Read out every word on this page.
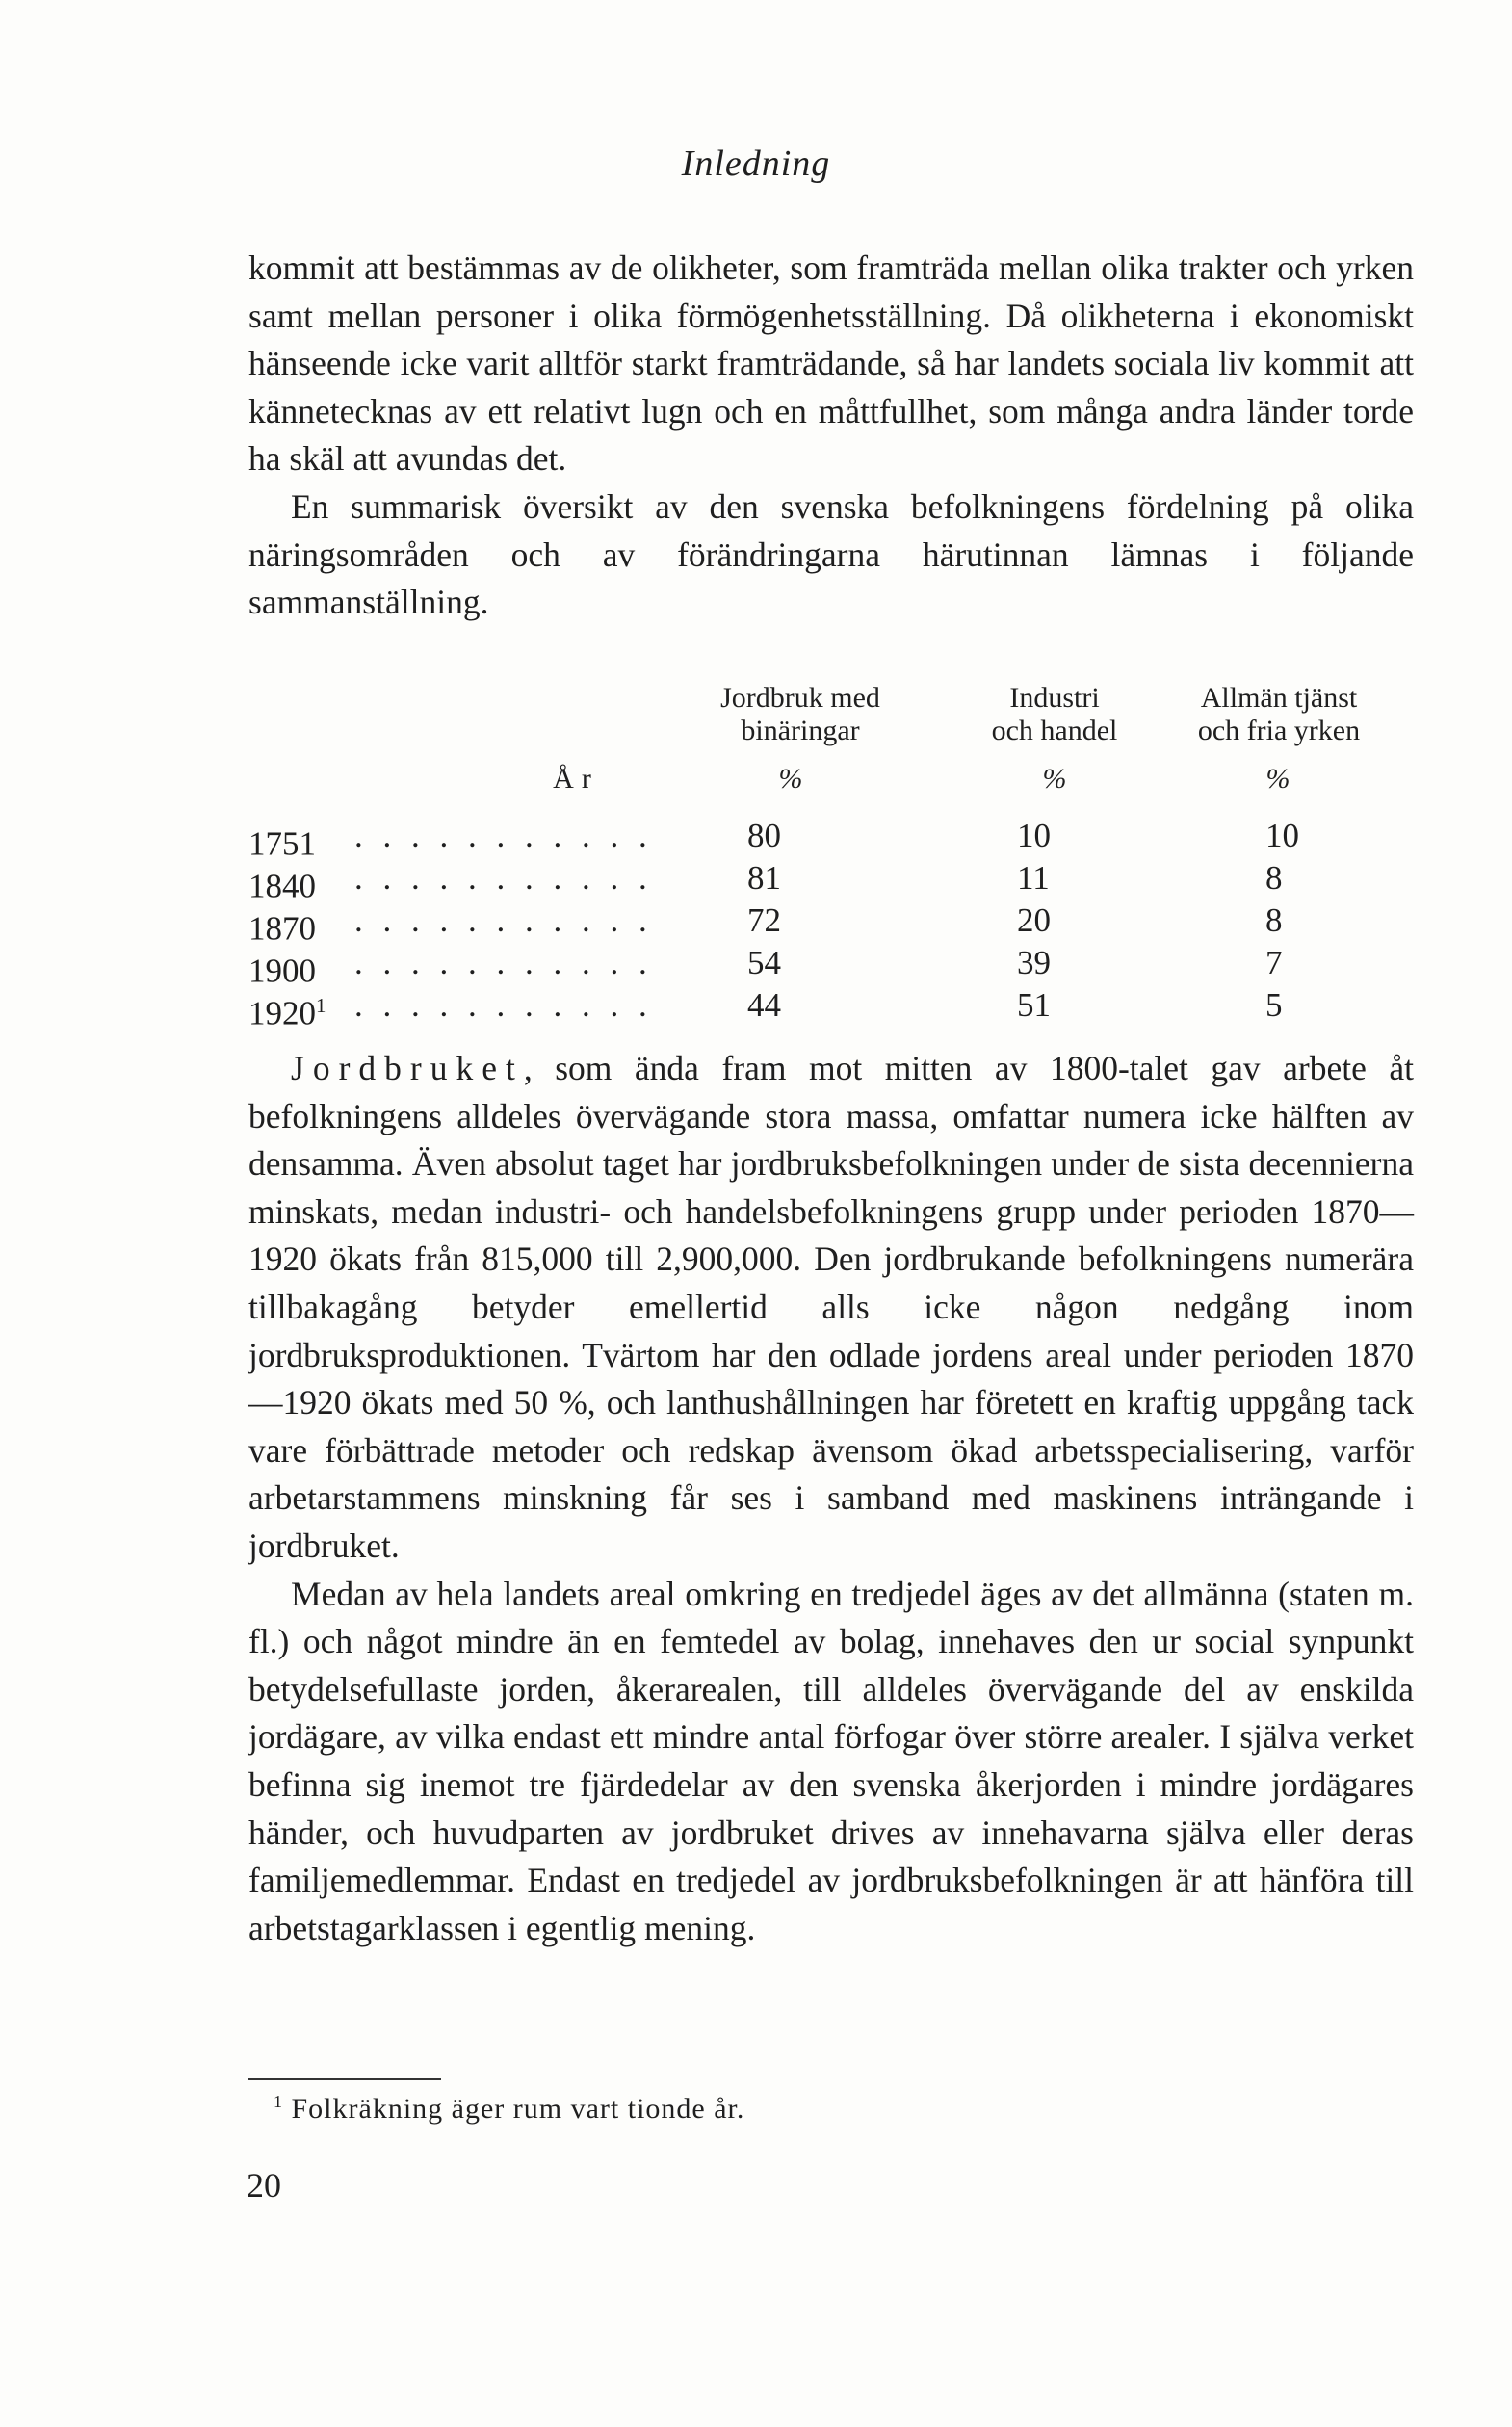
Inledning

kommit att bestämmas av de olikheter, som framträda mellan olika trakter och yrken samt mellan personer i olika förmögenhetsställning. Då olikheterna i ekonomiskt hänseende icke varit alltför starkt framträdande, så har landets sociala liv kommit att kännetecknas av ett relativt lugn och en måttfullhet, som många andra länder torde ha skäl att avundas det.

En summarisk översikt av den svenska befolkningens fördelning på olika näringsområden och av förändringarna härutinnan lämnas i följande sammanställning.

Jordbruk med
binäringar
Industri
och handel
Allmän tjänst
och fria yrken
År	%	%	%
1751 . . . . . . . . . . .	80	10	10
1840 . . . . . . . . . . .	81	11	8
1870 . . . . . . . . . . .	72	20	8
1900 . . . . . . . . . . .	54	39	7
1920$^1$ . . . . . . . . . . .	44	51	5

Jordbruket, som ända fram mot mitten av 1800-talet gav arbete åt befolkningens alldeles övervägande stora massa, omfattar numera icke hälften av densamma. Även absolut taget har jordbruksbefolkningen under de sista decennierna minskats, medan industri- och handelsbefolkningens grupp under perioden 1870—1920 ökats från 815,000 till 2,900,000. Den jordbrukande befolkningens numerära tillbakagång betyder emellertid alls icke någon nedgång inom jordbruksproduktionen. Tvärtom har den odlade jordens areal under perioden 1870—1920 ökats med 50 %, och lanthushållningen har företett en kraftig uppgång tack vare förbättrade metoder och redskap ävensom ökad arbetsspecialisering, varför arbetarstammens minskning får ses i samband med maskinens inträngande i jordbruket.

Medan av hela landets areal omkring en tredjedel äges av det allmänna (staten m. fl.) och något mindre än en femtedel av bolag, innehaves den ur social synpunkt betydelsefullaste jorden, åkerarealen, till alldeles övervägande del av enskilda jordägare, av vilka endast ett mindre antal förfogar över större arealer. I själva verket befinna sig inemot tre fjärdedelar av den svenska åkerjorden i mindre jordägares händer, och huvudparten av jordbruket drives av innehavarna själva eller deras familjemedlemmar. Endast en tredjedel av jordbruksbefolkningen är att hänföra till arbetstagarklassen i egentlig mening.

$^1$ Folkräkning äger rum vart tionde år.
20
